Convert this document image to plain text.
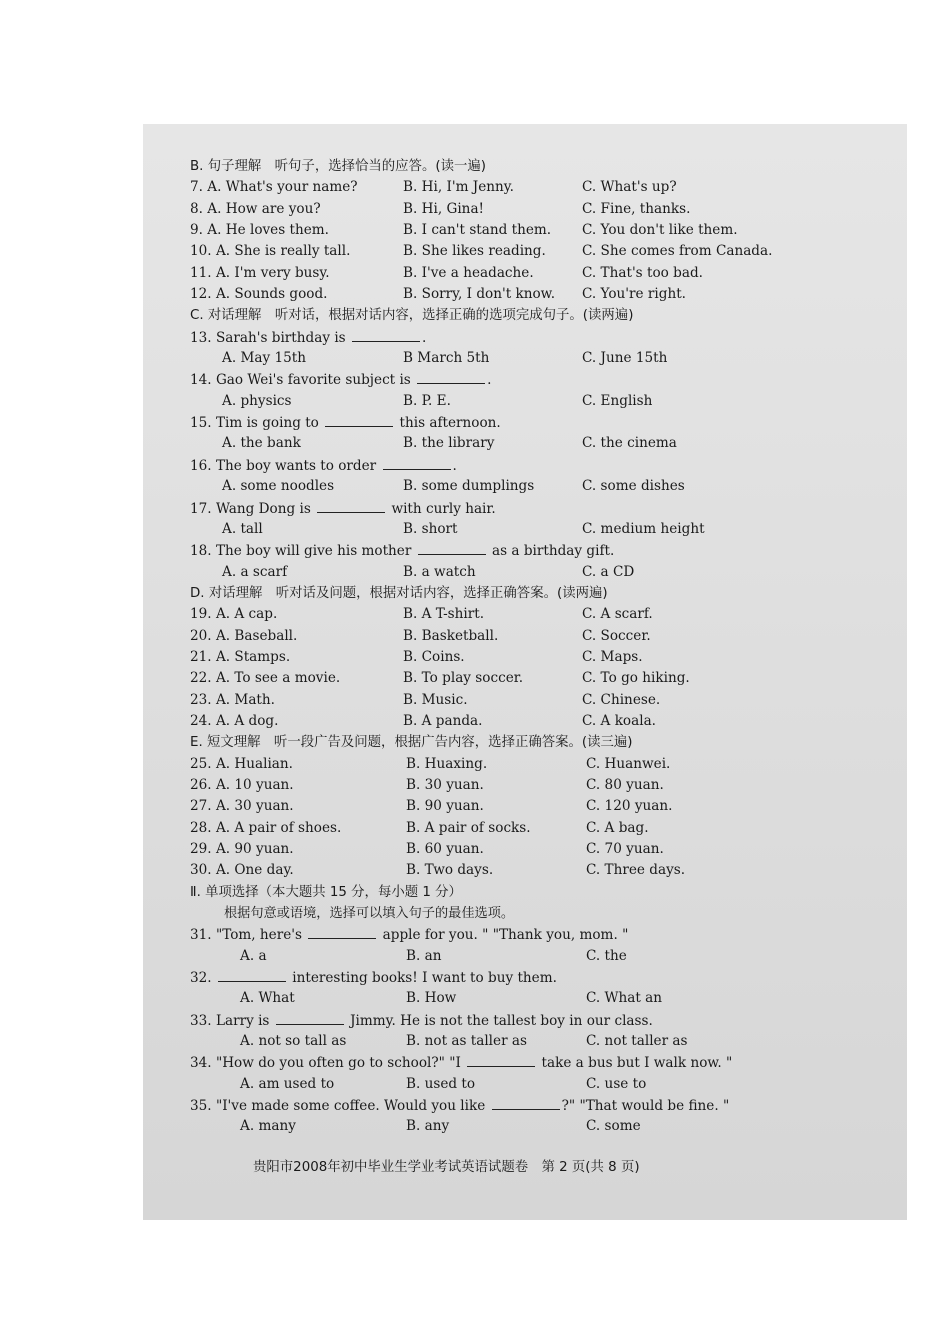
B. 句子理解　听句子，选择恰当的应答。(读一遍)
7. A. What's your name?	B. Hi, I'm Jenny.	C. What's up?
8. A. How are you?	B. Hi, Gina!	C. Fine, thanks.
9. A. He loves them.	B. I can't stand them. C. You don't like them.
10. A. She is really tall.	B. She likes reading.	C. She comes from Canada.
11. A. I'm very busy.	B. I've a headache.	C. That's too bad.
12. A. Sounds good.	B. Sorry, I don't know. C. You're right.
C. 对话理解　听对话，根据对话内容，选择正确的选项完成句子。(读两遍)
13. Sarah's birthday is	.
A. May 15th	B March 5th	C. June 15th
14. Gao Wei's favorite subject is	.
A. physics	B. P. E.	C. English
15. Tim is going to	this afternoon.
A. the bank	B. the library	C. the cinema
16. The boy wants to order	.
A. some noodles	B. some dumplings	C. some dishes
17. Wang Dong is	with curly hair.
A. tall	B. short	C. medium height
18. The boy will give his mother	as a birthday gift.
A. a scarf	B. a watch	C. a CD
D. 对话理解　听对话及问题，根据对话内容，选择正确答案。(读两遍)
19. A. A cap.	B. A T-shirt.	C. A scarf.
20. A. Baseball.	B. Basketball.	C. Soccer.
21. A. Stamps.	B. Coins.	C. Maps.
22. A. To see a movie.	B. To play soccer.	C. To go hiking.
23. A. Math.	B. Music.	C. Chinese.
24. A. A dog.	B. A panda.	C. A koala.
E. 短文理解　听一段广告及问题，根据广告内容，选择正确答案。(读三遍)
25. A. Hualian.	B. Huaxing.	C. Huanwei.
26. A. 10 yuan.	B. 30 yuan.	C. 80 yuan.
27. A. 30 yuan.	B. 90 yuan.	C. 120 yuan.
28. A. A pair of shoes.	B. A pair of socks.	C. A bag.
29. A. 90 yuan.	B. 60 yuan.	C. 70 yuan.
30. A. One day.	B. Two days.	C. Three days.
Ⅱ. 单项选择（本大题共 15 分，每小题 1 分）
根据句意或语境，选择可以填入句子的最佳选项。
31. "Tom, here's	apple for you. " "Thank you, mom. "
A. a	B. an	C. the
32.	interesting books! I want to buy them.
A. What	B. How	C. What an
33. Larry is	Jimmy. He is not the tallest boy in our class.
A. not so tall as	B. not as taller as	C. not taller as
34. "How do you often go to school?" "I	take a bus but I walk now. "
A. am used to	B. used to	C. use to
35. "I've made some coffee. Would you like	?" "That would be fine. "
A. many	B. any	C. some
贵阳市2008年初中毕业生学业考试英语试题卷　第 2 页(共 8 页)
